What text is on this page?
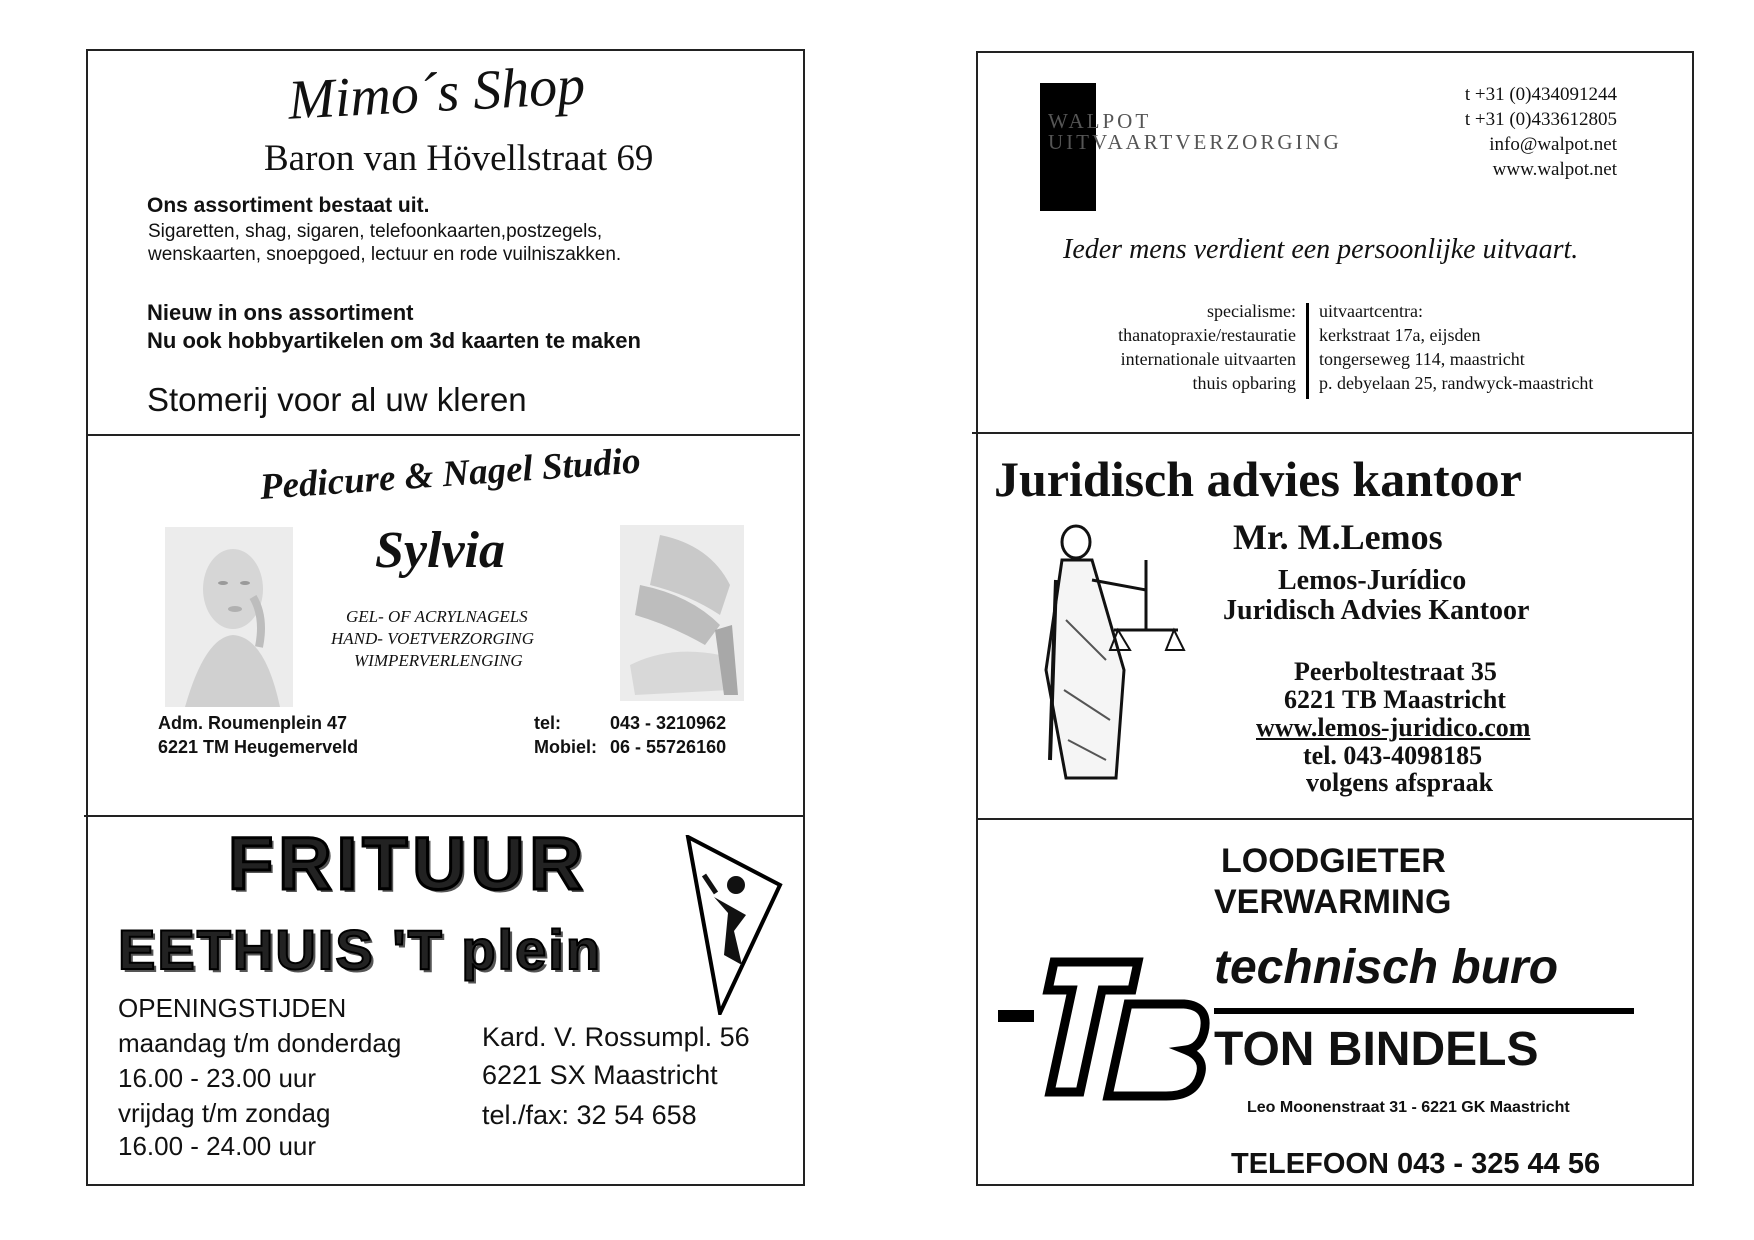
Mimo´s Shop
Baron van Hövellstraat 69
Ons assortiment bestaat uit.
Sigaretten, shag, sigaren, telefoonkaarten,postzegels,
wenskaarten, snoepgoed, lectuur en rode vuilniszakken.
Nieuw in ons assortiment
Nu ook hobbyartikelen om 3d kaarten te maken
Stomerij voor al uw kleren
Pedicure & Nagel Studio
Sylvia
GEL- OF ACRYLNAGELS
HAND- VOETVERZORGING
WIMPERVERLENGING
Adm. Roumenplein 47
6221 TM Heugemerveld
tel:	043 - 3210962
Mobiel: 06 - 55726160
FRITUUR
EETHUIS 'T plein
OPENINGSTIJDEN
maandag t/m donderdag
16.00 - 23.00 uur
vrijdag t/m zondag
16.00 - 24.00 uur
Kard. V. Rossumpl. 56
6221 SX Maastricht
tel./fax: 32 54 658
WALPOT
UITVAARTVERZORGING
t +31 (0)434091244
t +31 (0)433612805
info@walpot.net
www.walpot.net
Ieder mens verdient een persoonlijke uitvaart.
specialisme:
thanatopraxie/restauratie
internationale uitvaarten
thuis opbaring
uitvaartcentra:
kerkstraat 17a, eijsden
tongerseweg 114, maastricht
p. debyelaan 25, randwyck-maastricht
Juridisch advies kantoor
Mr. M.Lemos
Lemos-Jurídico
Juridisch Advies Kantoor
Peerboltestraat 35
6221 TB Maastricht
www.lemos-juridico.com
tel. 043-4098185
volgens afspraak
LOODGIETER
VERWARMING
TB
technisch buro
TON BINDELS
Leo Moonenstraat 31 - 6221 GK Maastricht
TELEFOON 043 - 325 44 56
